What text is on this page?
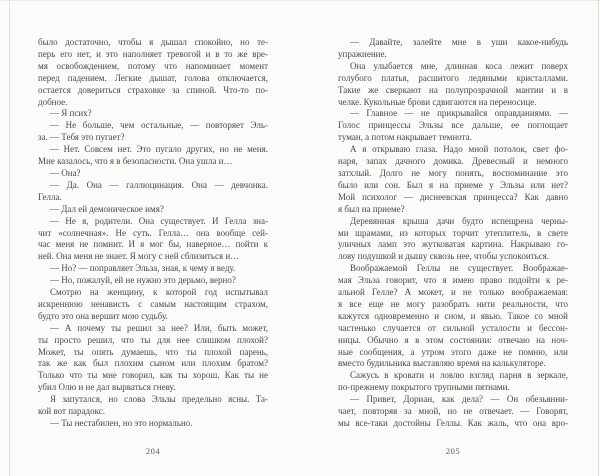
было достаточно, чтобы я дышал спокойно, но те-
перь его нет, и это наполняет тревогой и в то же вре-
мя освобождением, потому что напоминает момент
перед падением. Легкие дышат, голова отключается,
остается довериться страховке за спиной. Что-то по-
добное.
— Я псих?
— Не больше, чем остальные, — повторяет Эль-
за. — Тебя это пугает?
— Нет. Совсем нет. Это пугало других, но не меня.
Мне казалось, что я в безопасности. Она ушла и…
— Она?
— Да. Она — галлюцинация. Она — девчонка.
Гелла.
— Дал ей демоническое имя?
— Не я, родители. Она существует. И Гелла зна-
чит «солнечная». Не суть. Гелла… она вообще сей-
час меня не помнит. И я мог бы, наверное… пойти к
ней. Она меня не знает. Я могу с ней сблизиться и…
— Но? — поправляет Эльза, зная, к чему я веду.
— Но, пожалуй, ей не нужно это дерьмо, верно?
Смотрю на женщину, к которой год испытывал
искреннюю ненависть с самым настоящим страхом,
будто это она вершит мою судьбу.
— А почему ты решил за нее? Или, быть может,
ты просто решил, что ты для нее слишком плохой?
Может, ты опять думаешь, что ты плохой парень,
так же как был плохим сыном или плохим братом?
Только что ты мне говорил, как ты хорош. Как ты не
убил Олю и не дал вырваться гневу.
Я запутался, но слова Эльзы предельно ясны. Та-
кой вот парадокс.
— Ты нестабилен, но это нормально.
204
— Давайте, залейте мне в уши какое-нибудь
упражнение.
Она улыбается мне, длинная коса лежит поверх
голубого платья, расшитого ледяными кристаллами.
Такие же сверкают на полупрозрачной мантии и в
челке. Кукольные брови сдвигаются на переносице.
— Главное — не прикрывайся оправданиями. —
Голос принцессы Эльзы все дальше, ее поглощает
туман, а потом накрывает темнота.
А я открываю глаза. Надо мной потолок, свет фо-
наря, запах дачного домика. Древесный и немного
затхлый. Долго не могу понять, воспоминание это
было или сон. Был я на приеме у Эльзы или нет?
Мой психолог — диснеевская принцесса? Как давно
я был на приеме?
Деревянная крыша дачи будто испещрена черны-
ми шрамами, из которых торчит утеплитель, в свете
уличных ламп это жутковатая картина. Накрываю го-
лову подушкой и дышу сквозь нее, чтобы успокоиться.
Воображаемой Геллы не существует. Воображае-
мая Эльза говорит, что я имею право подойти к ре-
альной Гелле? А может, и не только воображаемая:
я все еще не могу разобрать нити реальности, что
кажутся одновременно и сном, и явью. Такое со мной
частенько случается от сильной усталости и бессон-
ницы. Обычно я в этом состоянии: отвечаю на ноч-
ные сообщения, а утром этого даже не помню, или
вместо будильника выставляю время на калькуляторе.
Сажусь в кровати и ловлю взгляд парня в зеркале,
по-прежнему покрытого трупными пятнами.
— Привет, Дориан, как дела? — Он обезьянни-
чает, повторяя за мной, но не отвечает. — Говорят,
мы все-таки достойны Геллы. Как жаль, что она вро-
205
